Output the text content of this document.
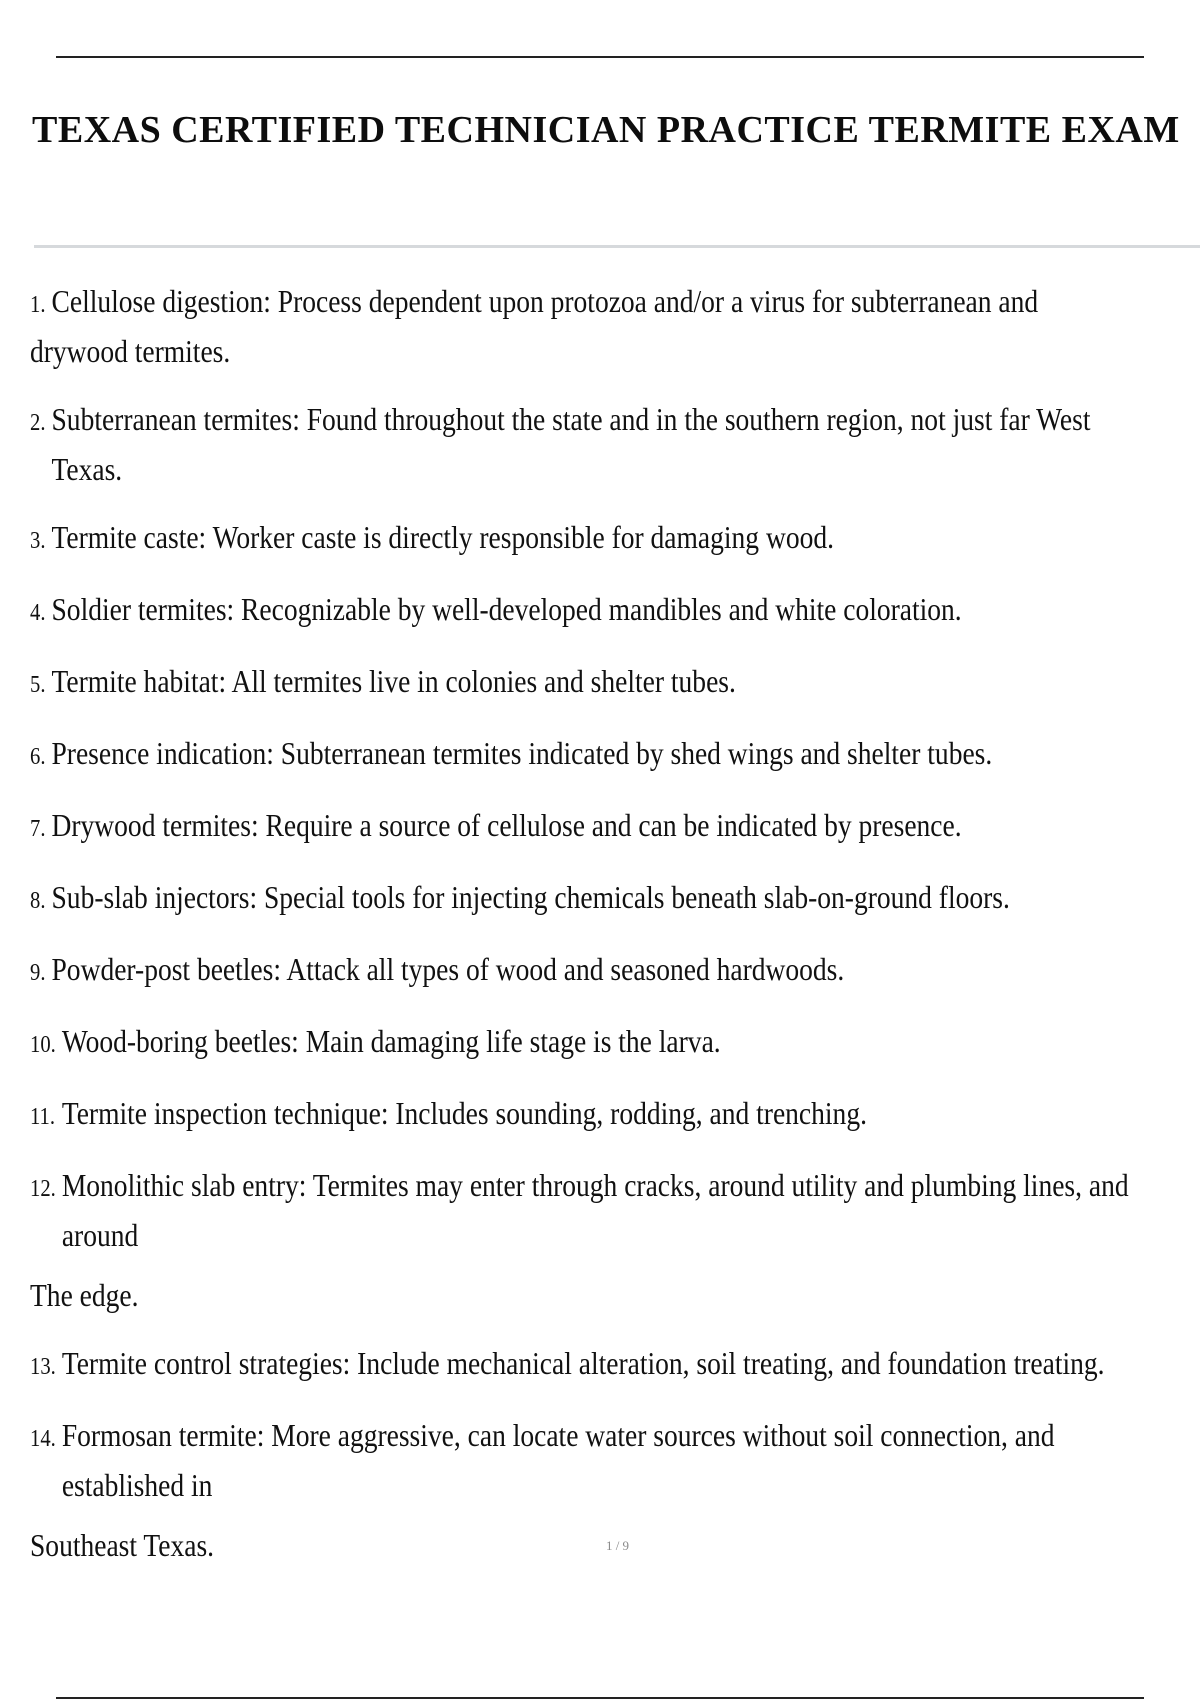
TEXAS CERTIFIED TECHNICIAN PRACTICE TERMITE EXAM
1. Cellulose digestion: Process dependent upon protozoa and/or a virus for subterranean and
drywood termites.
2. Subterranean termites: Found throughout the state and in the southern region, not just far West
Texas.
3. Termite caste: Worker caste is directly responsible for damaging wood.
4. Soldier termites: Recognizable by well-developed mandibles and white coloration.
5. Termite habitat: All termites live in colonies and shelter tubes.
6. Presence indication: Subterranean termites indicated by shed wings and shelter tubes.
7. Drywood termites: Require a source of cellulose and can be indicated by presence.
8. Sub-slab injectors: Special tools for injecting chemicals beneath slab-on-ground floors.
9. Powder-post beetles: Attack all types of wood and seasoned hardwoods.
10. Wood-boring beetles: Main damaging life stage is the larva.
11. Termite inspection technique: Includes sounding, rodding, and trenching.
12. Monolithic slab entry: Termites may enter through cracks, around utility and plumbing lines, and
around
The edge.
13. Termite control strategies: Include mechanical alteration, soil treating, and foundation treating.
14. Formosan termite: More aggressive, can locate water sources without soil connection, and
established in
Southeast Texas.	1 / 9
